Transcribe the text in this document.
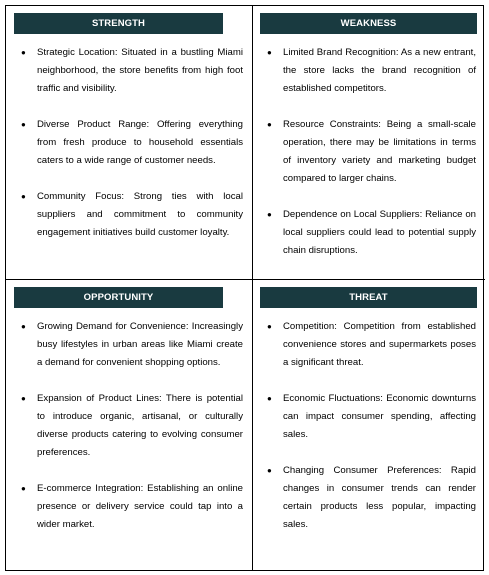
STRENGTH
● Strategic Location: Situated in a bustling Miami neighborhood, the store benefits from high foot traffic and visibility.
● Diverse Product Range: Offering everything from fresh produce to household essentials caters to a wide range of customer needs.
● Community Focus: Strong ties with local suppliers and commitment to community engagement initiatives build customer loyalty.
WEAKNESS
● Limited Brand Recognition: As a new entrant, the store lacks the brand recognition of established competitors.
● Resource Constraints: Being a small-scale operation, there may be limitations in terms of inventory variety and marketing budget compared to larger chains.
● Dependence on Local Suppliers: Reliance on local suppliers could lead to potential supply chain disruptions.
OPPORTUNITY
● Growing Demand for Convenience: Increasingly busy lifestyles in urban areas like Miami create a demand for convenient shopping options.
● Expansion of Product Lines: There is potential to introduce organic, artisanal, or culturally diverse products catering to evolving consumer preferences.
● E-commerce Integration: Establishing an online presence or delivery service could tap into a wider market.
THREAT
● Competition: Competition from established convenience stores and supermarkets poses a significant threat.
● Economic Fluctuations: Economic downturns can impact consumer spending, affecting sales.
● Changing Consumer Preferences: Rapid changes in consumer trends can render certain products less popular, impacting sales.
